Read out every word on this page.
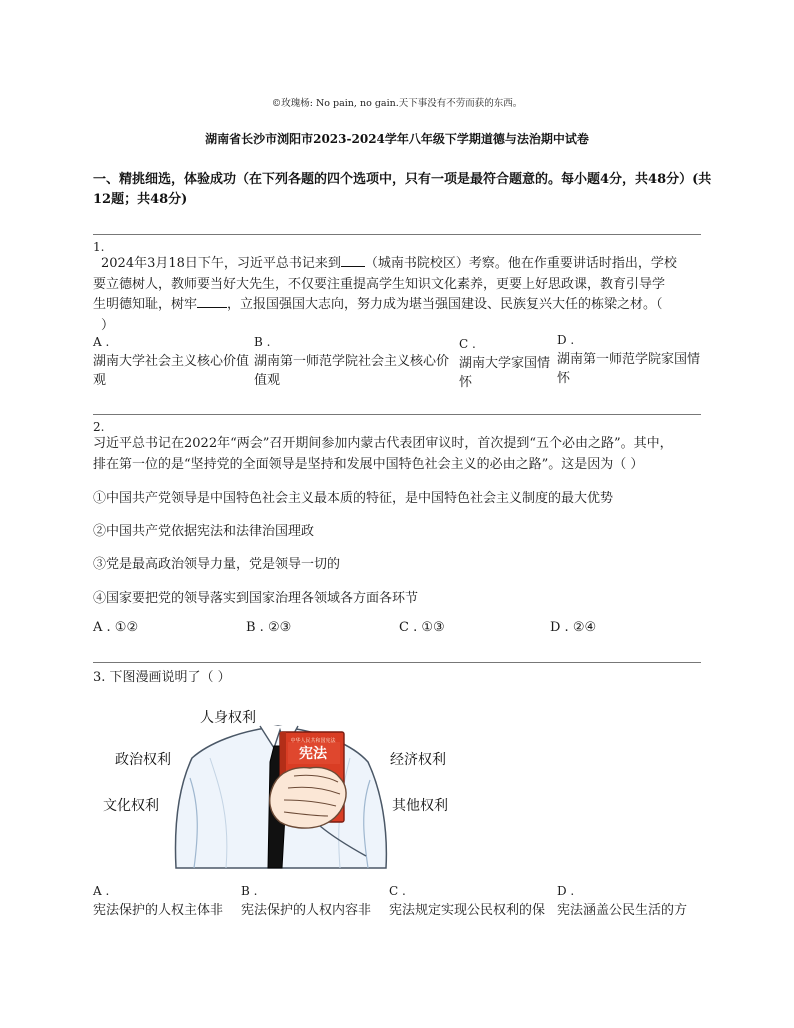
©玫瑰杨: No pain, no gain.天下事没有不劳而获的东西。
湖南省长沙市浏阳市2023-2024学年八年级下学期道德与法治期中试卷
一、精挑细选，体验成功（在下列各题的四个选项中，只有一项是最符合题意的。每小题4分，共48分）(共12题；共48分)
1.
2024年3月18日下午，习近平总书记来到 （城南书院校区）考察。他在作重要讲话时指出，学校
要立德树人，教师要当好大先生，不仅要注重提高学生知识文化素养，更要上好思政课，教育引导学
生明德知耻，树牢 ，立报国强国大志向，努力成为堪当强国建设、民族复兴大任的栋梁之材。（
）
A .
湖南大学社会主义核心价值观
B .
湖南第一师范学院社会主义核心价值观
C .
湖南大学家国情怀
D .
湖南第一师范学院家国情怀
2.
习近平总书记在2022年“两会”召开期间参加内蒙古代表团审议时，首次提到“五个必由之路”。其中，
排在第一位的是“坚持党的全面领导是坚持和发展中国特色社会主义的必由之路”。这是因为（ ）
①中国共产党领导是中国特色社会主义最本质的特征，是中国特色社会主义制度的最大优势
②中国共产党依据宪法和法律治国理政
③党是最高政治领导力量，党是领导一切的
④国家要把党的领导落实到国家治理各领域各方面各环节
A . ①②	B . ②③	C . ①③	D . ②④
3. 下图漫画说明了（ ）
中华人民共和国宪法
宪法
人身权利
政治权利
文化权利
经济权利
其他权利
A .
宪法保护的人权主体非
B .
宪法保护的人权内容非
C .
宪法规定实现公民权利的保
D .
宪法涵盖公民生活的方
